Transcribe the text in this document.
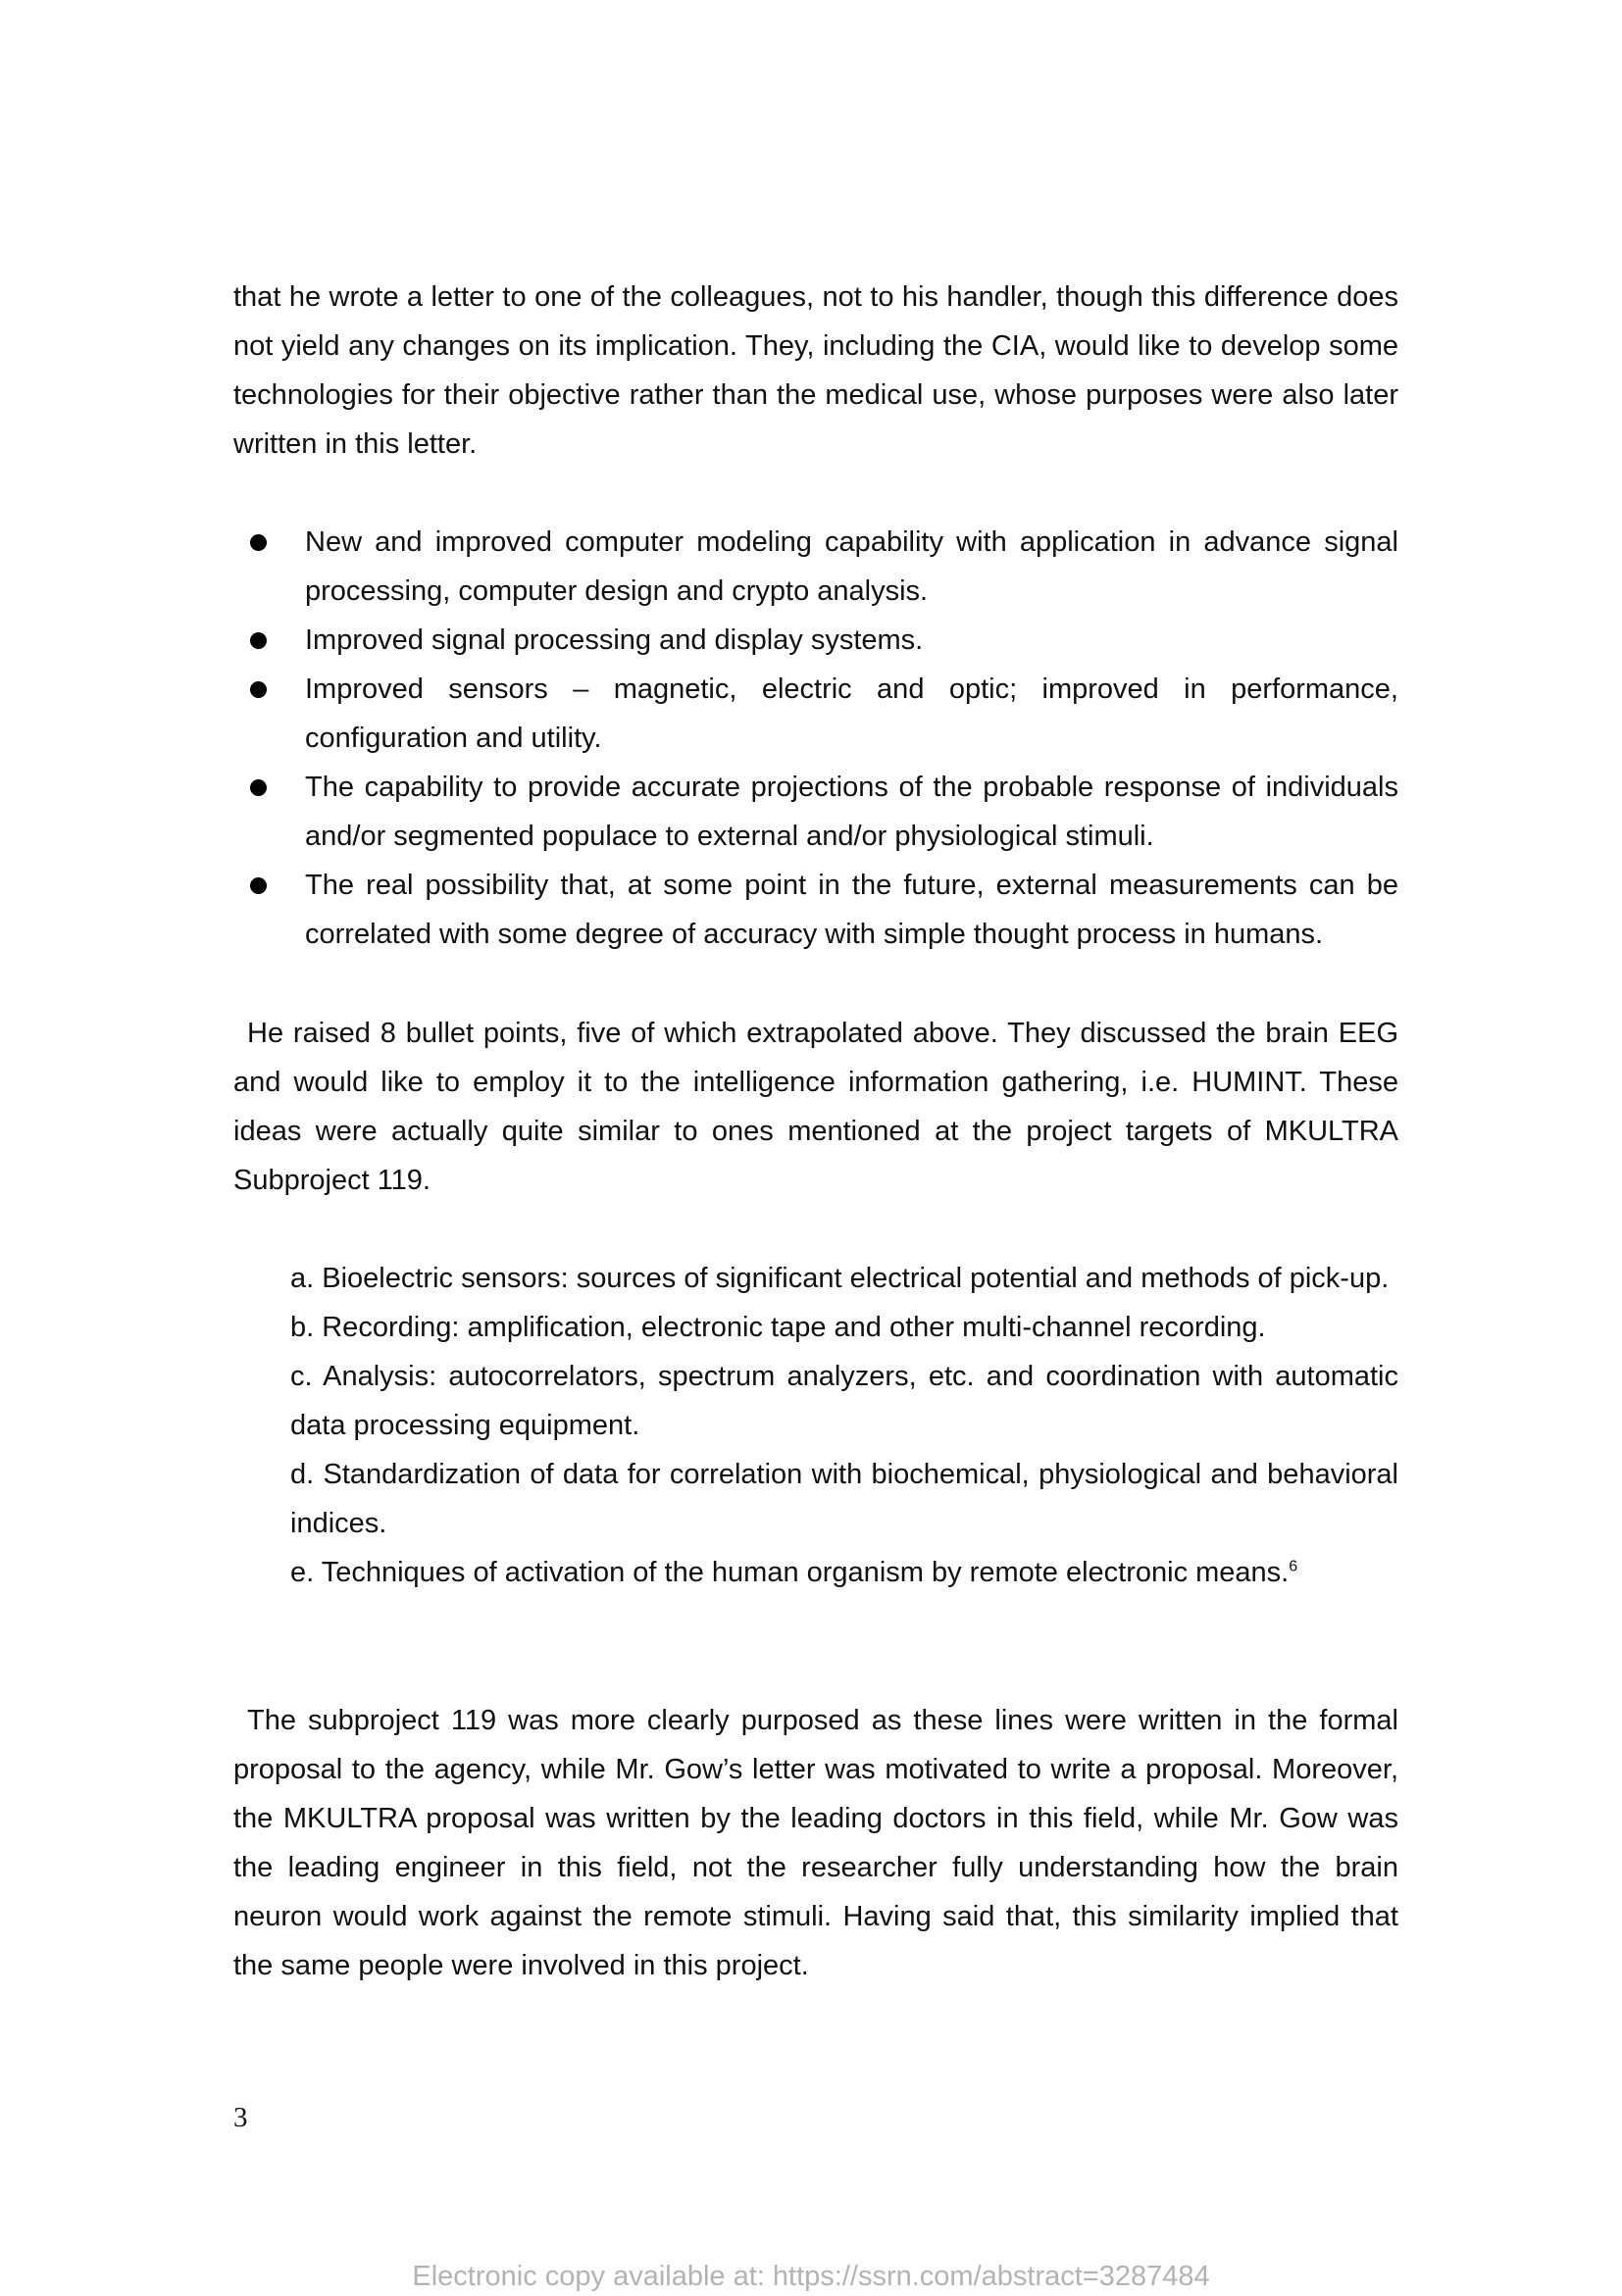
that he wrote a letter to one of the colleagues, not to his handler, though this difference does not yield any changes on its implication. They, including the CIA, would like to develop some technologies for their objective rather than the medical use, whose purposes were also later written in this letter.

New and improved computer modeling capability with application in advance signal processing, computer design and crypto analysis.
Improved signal processing and display systems.
Improved sensors – magnetic, electric and optic; improved in performance, configuration and utility.
The capability to provide accurate projections of the probable response of individuals and/or segmented populace to external and/or physiological stimuli.
The real possibility that, at some point in the future, external measurements can be correlated with some degree of accuracy with simple thought process in humans.

He raised 8 bullet points, five of which extrapolated above. They discussed the brain EEG and would like to employ it to the intelligence information gathering, i.e. HUMINT. These ideas were actually quite similar to ones mentioned at the project targets of MKULTRA Subproject 119.

a. Bioelectric sensors: sources of significant electrical potential and methods of pick-up.
b. Recording: amplification, electronic tape and other multi-channel recording.
c. Analysis: autocorrelators, spectrum analyzers, etc. and coordination with automatic data processing equipment.
d. Standardization of data for correlation with biochemical, physiological and behavioral indices.
e. Techniques of activation of the human organism by remote electronic means.$^6$

The subproject 119 was more clearly purposed as these lines were written in the formal proposal to the agency, while Mr. Gow’s letter was motivated to write a proposal. Moreover, the MKULTRA proposal was written by the leading doctors in this field, while Mr. Gow was the leading engineer in this field, not the researcher fully understanding how the brain neuron would work against the remote stimuli. Having said that, this similarity implied that the same people were involved in this project.

3
Electronic copy available at: https://ssrn.com/abstract=3287484
